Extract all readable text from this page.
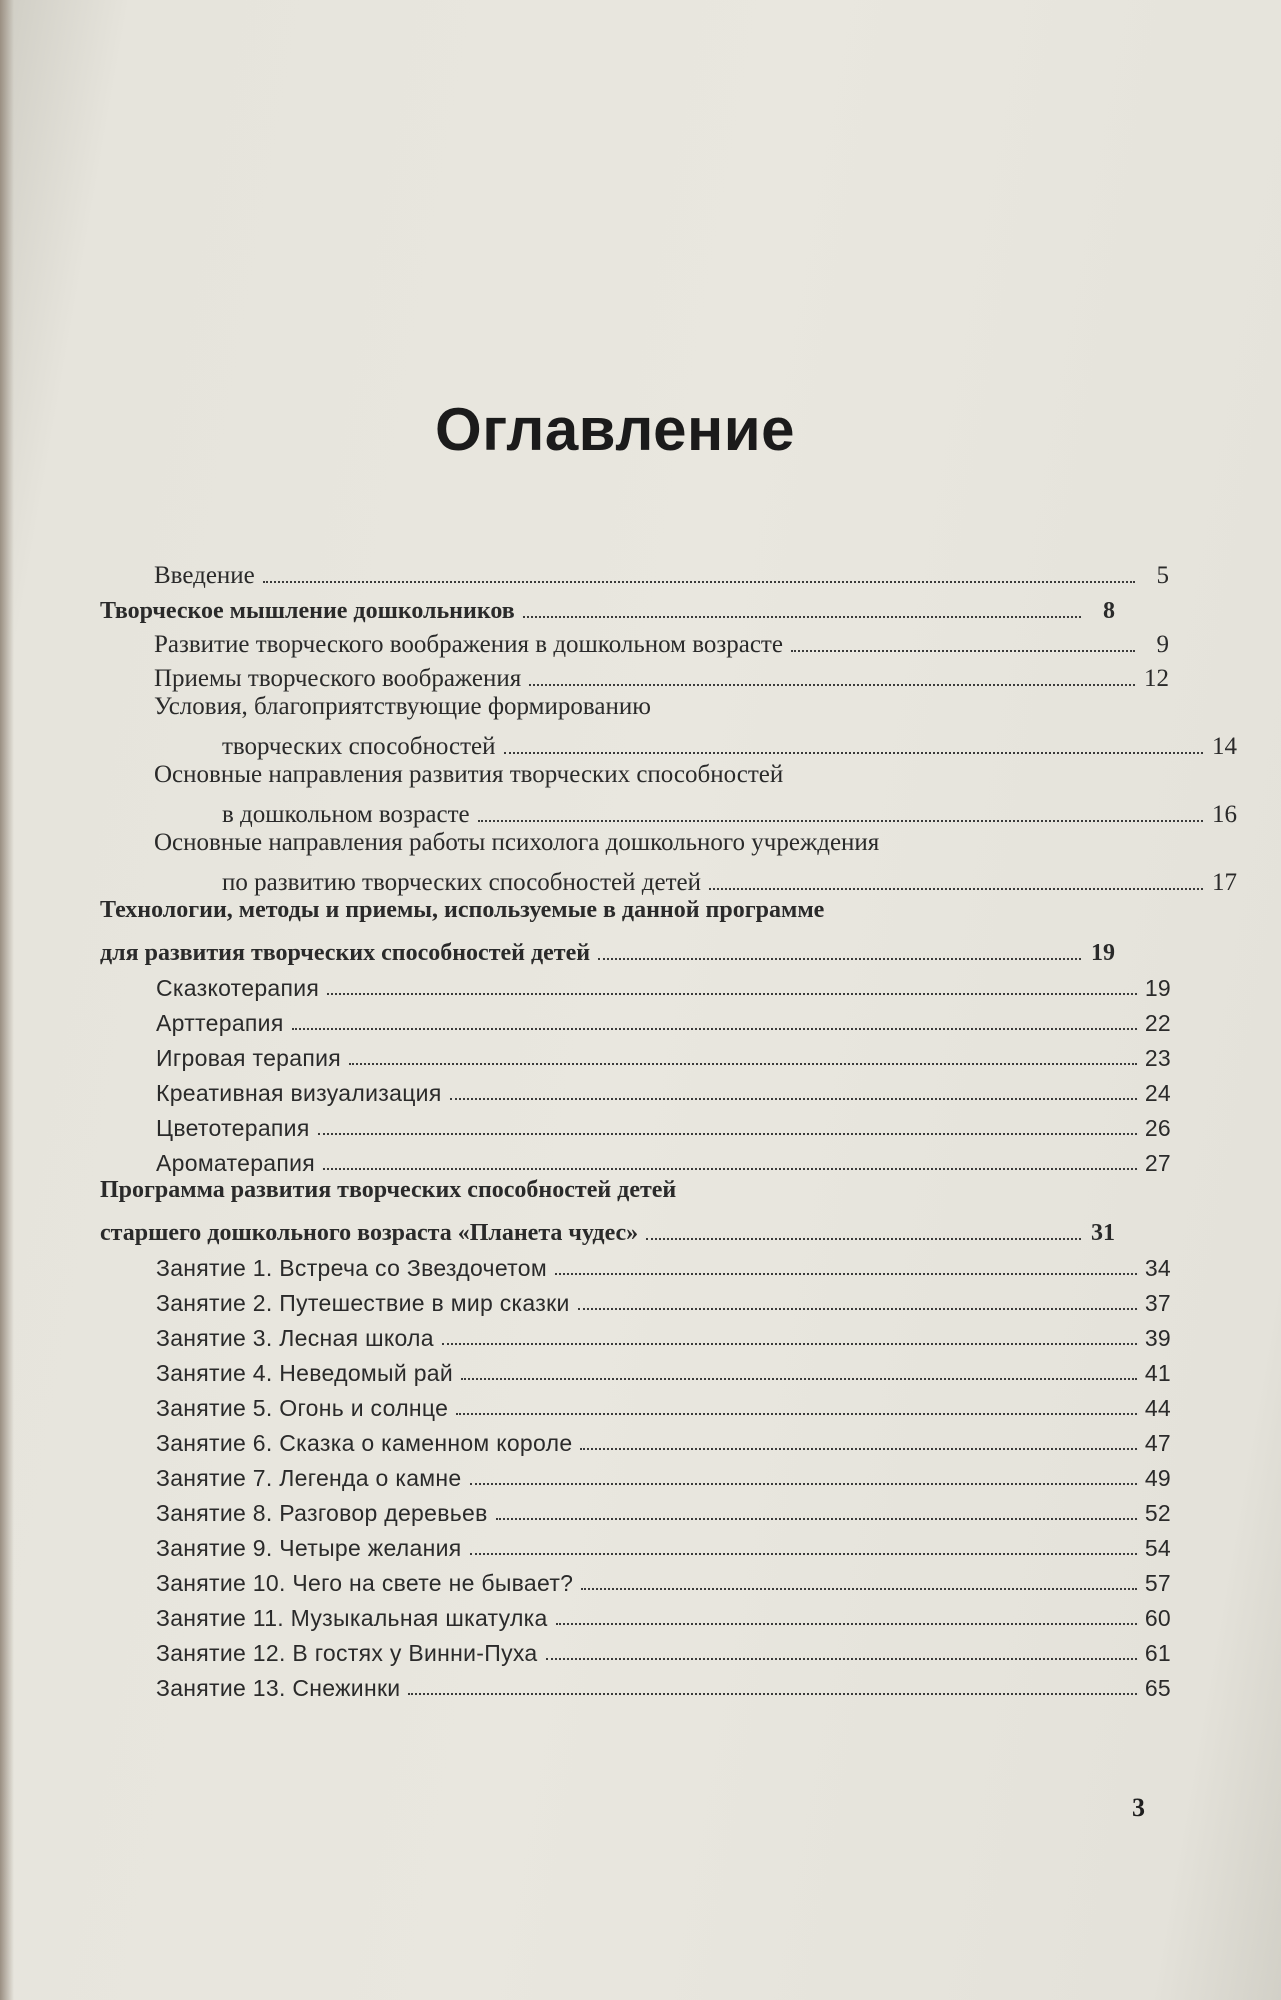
Оглавление
Введение	5
Творческое мышление дошкольников	8
Развитие творческого воображения в дошкольном возрасте	9
Приемы творческого воображения	12
Условия, благоприятствующие формированию
творческих способностей	14
Основные направления развития творческих способностей
в дошкольном возрасте	16
Основные направления работы психолога дошкольного учреждения
по развитию творческих способностей детей	17
Технологии, методы и приемы, используемые в данной программе
для развития творческих способностей детей	19
Сказкотерапия	19
Арттерапия	22
Игровая терапия	23
Креативная визуализация	24
Цветотерапия	26
Ароматерапия	27
Программа развития творческих способностей детей
старшего дошкольного возраста «Планета чудес»	31
Занятие 1. Встреча со Звездочетом	34
Занятие 2. Путешествие в мир сказки	37
Занятие 3. Лесная школа	39
Занятие 4. Неведомый рай	41
Занятие 5. Огонь и солнце	44
Занятие 6. Сказка о каменном короле	47
Занятие 7. Легенда о камне	49
Занятие 8. Разговор деревьев	52
Занятие 9. Четыре желания	54
Занятие 10. Чего на свете не бывает?	57
Занятие 11. Музыкальная шкатулка	60
Занятие 12. В гостях у Винни-Пуха	61
Занятие 13. Снежинки	65
3
